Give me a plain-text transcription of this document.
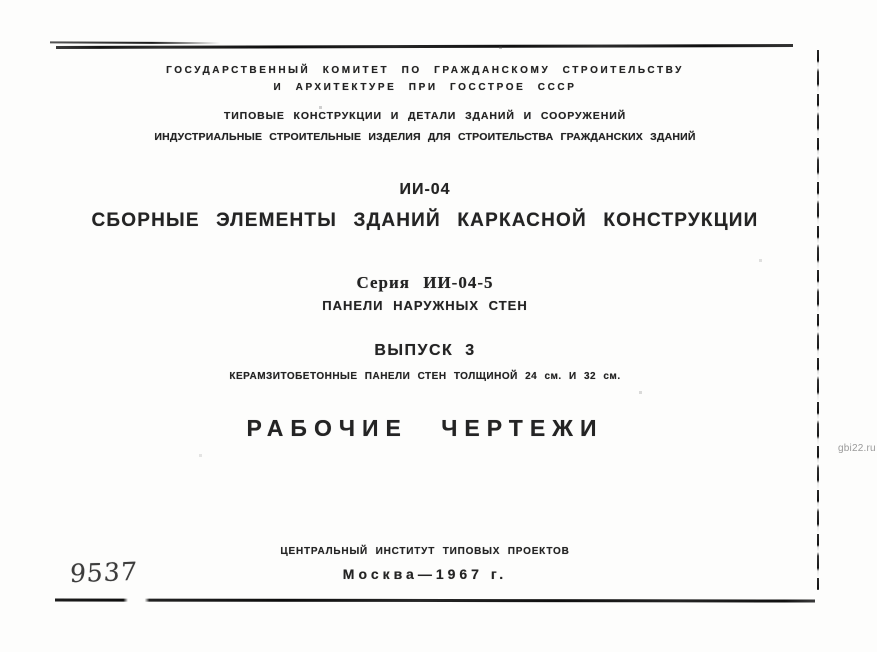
ГОСУДАРСТВЕННЫЙ КОМИТЕТ ПО ГРАЖДАНСКОМУ СТРОИТЕЛЬСТВУ
И АРХИТЕКТУРЕ ПРИ ГОССТРОЕ СССР
ТИПОВЫЕ КОНСТРУКЦИИ И ДЕТАЛИ ЗДАНИЙ И СООРУЖЕНИЙ
ИНДУСТРИАЛЬНЫЕ СТРОИТЕЛЬНЫЕ ИЗДЕЛИЯ ДЛЯ СТРОИТЕЛЬСТВА ГРАЖДАНСКИХ ЗДАНИЙ
ИИ-04
СБОРНЫЕ ЭЛЕМЕНТЫ ЗДАНИЙ КАРКАСНОЙ КОНСТРУКЦИИ
Серия ИИ-04-5
ПАНЕЛИ НАРУЖНЫХ СТЕН
ВЫПУСК 3
КЕРАМЗИТОБЕТОННЫЕ ПАНЕЛИ СТЕН ТОЛЩИНОЙ 24 см. И 32 см.
РАБОЧИЕ ЧЕРТЕЖИ
ЦЕНТРАЛЬНЫЙ ИНСТИТУТ ТИПОВЫХ ПРОЕКТОВ
Москва—1967 г.
9537
gbi22.ru
